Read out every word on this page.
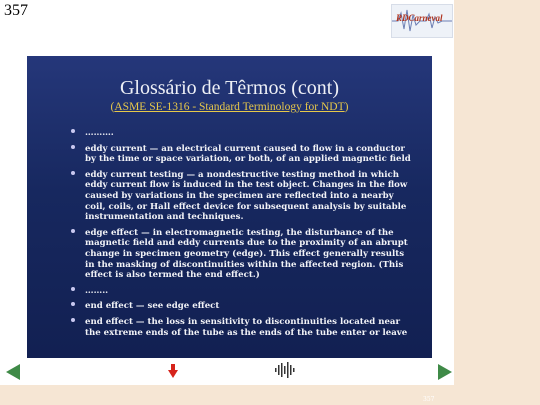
357	RDCarneval
Glossário de Têrmos (cont)
(ASME SE-1316 - Standard Terminology for NDT)
……….
eddy current — an electrical current caused to flow in a conductor by the time or space variation, or both, of an applied magnetic field
eddy current testing — a nondestructive testing method in which eddy current flow is induced in the test object. Changes in the flow caused by variations in the specimen are reflected into a nearby coil, coils, or Hall effect device for subsequent analysis by suitable instrumentation and techniques.
edge effect — in electromagnetic testing, the disturbance of the magnetic field and eddy currents due to the proximity of an abrupt change in specimen geometry (edge). This effect generally results in the masking of discontinuities within the affected region. (This effect is also termed the end effect.)
……..
end effect — see edge effect
end effect — the loss in sensitivity to discontinuities located near the extreme ends of the tube as the ends of the tube enter or leave
357
